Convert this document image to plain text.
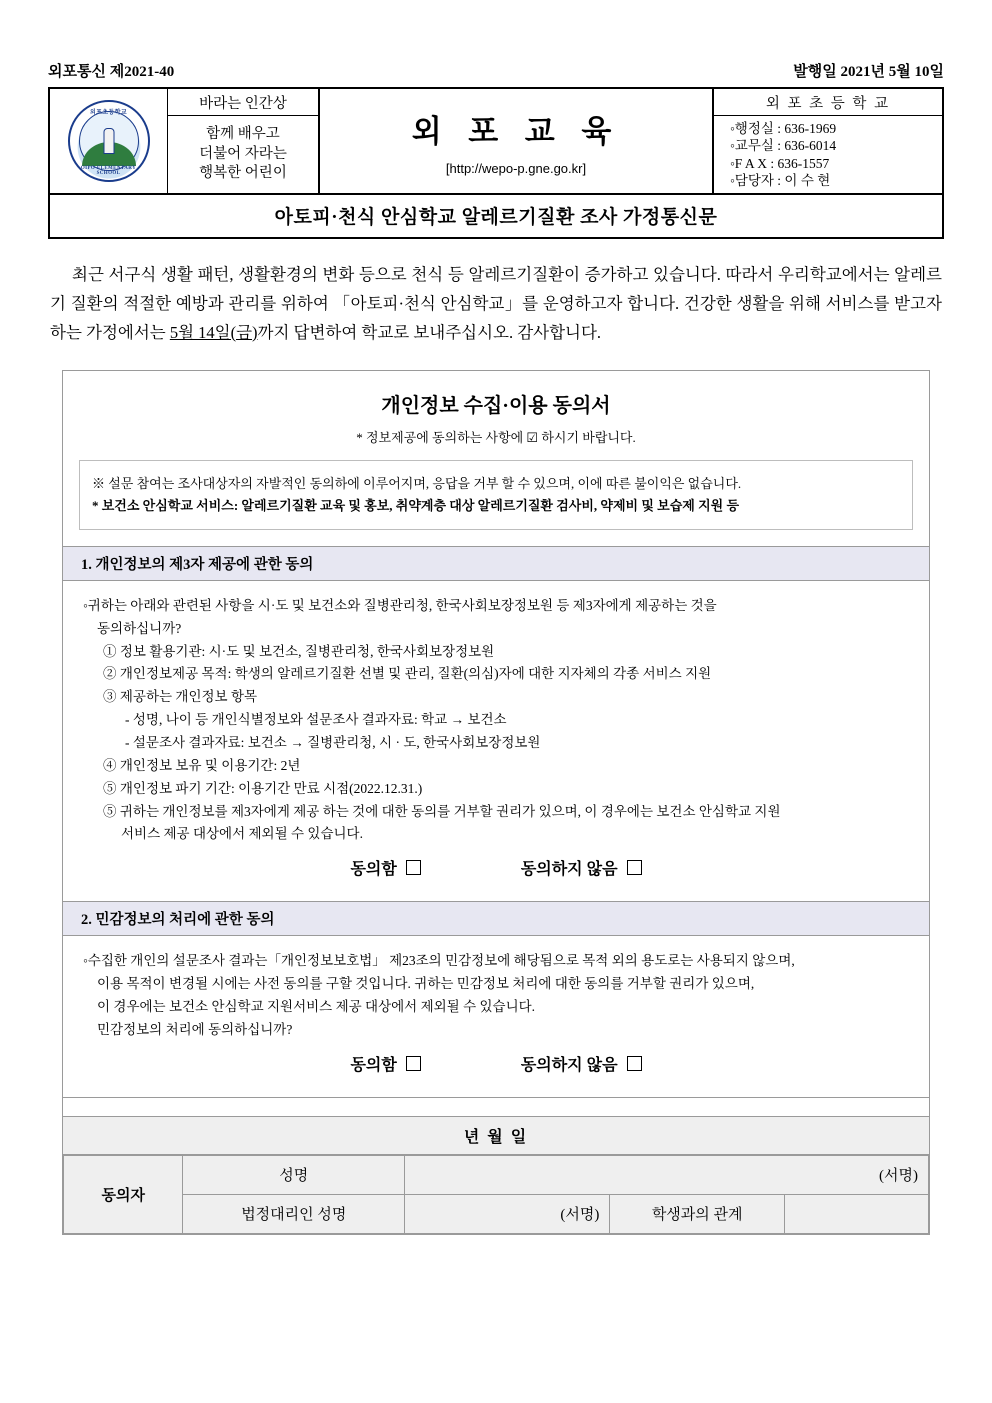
외포통신 제2021-40	발행일 2021년 5월 10일
외포초등학교
OIPO ELEMENTARY SCHOOL
바라는 인간상
함께 배우고
더불어 자라는
행복한 어린이
외 포 교 육
[http://wepo-p.gne.go.kr]
외 포 초 등 학 교
◦행정실 : 636-1969
◦교무실 : 636-6014
◦F A X : 636-1557
◦담당자 : 이 수 현
아토피·천식 안심학교 알레르기질환 조사 가정통신문
최근 서구식 생활 패턴, 생활환경의 변화 등으로 천식 등 알레르기질환이 증가하고 있습니다. 따라서 우리학교에서는 알레르기 질환의 적절한 예방과 관리를 위하여 「아토피·천식 안심학교」를 운영하고자 합니다. 건강한 생활을 위해 서비스를 받고자 하는 가정에서는 5월 14일(금)까지 답변하여 학교로 보내주십시오. 감사합니다.
개인정보 수집·이용 동의서
* 정보제공에 동의하는 사항에 ☑ 하시기 바랍니다.
※ 설문 참여는 조사대상자의 자발적인 동의하에 이루어지며, 응답을 거부 할 수 있으며, 이에 따른 불이익은 없습니다.
* 보건소 안심학교 서비스: 알레르기질환 교육 및 홍보, 취약계층 대상 알레르기질환 검사비, 약제비 및 보습제 지원 등
1. 개인정보의 제3자 제공에 관한 동의
◦귀하는 아래와 관련된 사항을 시·도 및 보건소와 질병관리청, 한국사회보장정보원 등 제3자에게 제공하는 것을
동의하십니까?
① 정보 활용기관: 시·도 및 보건소, 질병관리청, 한국사회보장정보원
② 개인정보제공 목적: 학생의 알레르기질환 선별 및 관리, 질환(의심)자에 대한 지자체의 각종 서비스 지원
③ 제공하는 개인정보 항목
- 성명, 나이 등 개인식별정보와 설문조사 결과자료: 학교 → 보건소
- 설문조사 결과자료: 보건소 → 질병관리청, 시 · 도, 한국사회보장정보원
④ 개인정보 보유 및 이용기간: 2년
⑤ 개인정보 파기 기간: 이용기간 만료 시점(2022.12.31.)
⑤ 귀하는 개인정보를 제3자에게 제공 하는 것에 대한 동의를 거부할 권리가 있으며, 이 경우에는 보건소 안심학교 지원
서비스 제공 대상에서 제외될 수 있습니다.
동의함	동의하지 않음
2. 민감정보의 처리에 관한 동의
◦수집한 개인의 설문조사 결과는「개인정보보호법」 제23조의 민감정보에 해당됨으로 목적 외의 용도로는 사용되지 않으며,
이용 목적이 변경될 시에는 사전 동의를 구할 것입니다. 귀하는 민감정보 처리에 대한 동의를 거부할 권리가 있으며,
이 경우에는 보건소 안심학교 지원서비스 제공 대상에서 제외될 수 있습니다.
민감정보의 처리에 동의하십니까?
동의함	동의하지 않음
년 월 일
동의자	성명	(서명)		
	법정대리인 성명	(서명)	학생과의 관계	
